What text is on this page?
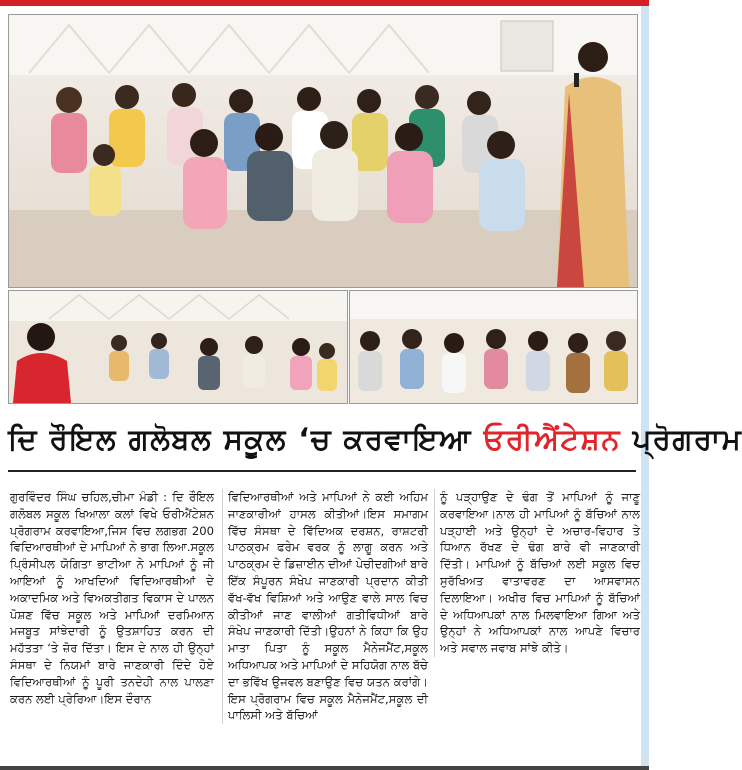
ਦਿ ਰੌਇਲ ਗਲੋਬਲ ਸਕੂਲ ‘ਚ ਕਰਵਾਇਆ ਓਰੀਐਂਟੇਸ਼ਨ ਪ੍ਰੋਗਰਾਮ
ਗੁਰਵਿੰਦਰ ਸਿੰਘ ਚਹਿਲ,ਚੀਮਾ ਮੰਡੀ : ਦਿ ਰੌਇਲ ਗਲੋਬਲ ਸਕੂਲ ਖਿਆਲਾ ਕਲਾਂ ਵਿਖੇ ਓਰੀਐਂਟੇਸ਼ਨ ਪ੍ਰੋਗਰਾਮ ਕਰਵਾਇਆ,ਜਿਸ ਵਿਚ ਲਗਭਗ 200 ਵਿਦਿਆਰਥੀਆਂ ਦੇ ਮਾਪਿਆਂ ਨੇ ਭਾਗ ਲਿਆ.ਸਕੂਲ ਪ੍ਰਿੰਸੀਪਲ ਯੋਗਿਤਾ ਭਾਟੀਆ ਨੇ ਮਾਪਿਆਂ ਨੂੰ ਜੀ ਆਇਆਂ ਨੂੰ ਆਖਦਿਆਂ ਵਿਦਿਆਰਥੀਆਂ ਦੇ ਅਕਾਦਮਿਕ ਅਤੇ ਵਿਅਕਤੀਗਤ ਵਿਕਾਸ ਦੇ ਪਾਲਨ ਪੋਸ਼ਣ ਵਿੱਚ ਸਕੂਲ ਅਤੇ ਮਾਪਿਆਂ ਦਰਮਿਆਨ ਮਜਬੂਤ ਸਾਂਝੇਦਾਰੀ ਨੂੰ ਉਤਸ਼ਾਹਿਤ ਕਰਨ ਦੀ ਮਹੱਤਤਾ ‘ਤੇ ਜ਼ੋਰ ਦਿੱਤਾ। ਇਸ ਦੇ ਨਾਲ ਹੀ ਉਨ੍ਹਾਂ ਸੰਸਥਾ ਦੇ ਨਿਯਮਾਂ ਬਾਰੇ ਜਾਣਕਾਰੀ ਦਿੰਦੇ ਹੋਏ ਵਿਦਿਆਰਥੀਆਂ ਨੂੰ ਪੂਰੀ ਤਨਦੇਹੀ ਨਾਲ ਪਾਲਣਾ ਕਰਨ ਲਈ ਪ੍ਰੇਰਿਆ।ਇਸ ਦੌਰਾਨ
ਵਿਦਿਆਰਥੀਆਂ ਅਤੇ ਮਾਪਿਆਂ ਨੇ ਕਈ ਅਹਿਮ ਜਾਣਕਾਰੀਆਂ ਹਾਸਲ ਕੀਤੀਆਂ।ਇਸ ਸਮਾਗਮ ਵਿੱਚ ਸੰਸਥਾ ਦੇ ਵਿੱਦਿਅਕ ਦਰਸ਼ਨ, ਰਾਸ਼ਟਰੀ ਪਾਠਕ੍ਰਮ ਫਰੇਮ ਵਰਕ ਨੂੰ ਲਾਗੂ ਕਰਨ ਅਤੇ ਪਾਠਕ੍ਰਮ ਦੇ ਡਿਜ਼ਾਈਨ ਦੀਆਂ ਪੇਚੀਦਗੀਆਂ ਬਾਰੇ ਇੱਕ ਸੰਪੂਰਨ ਸੰਖੇਪ ਜਾਣਕਾਰੀ ਪ੍ਰਦਾਨ ਕੀਤੀ ਵੱਖ-ਵੱਖ ਵਿਸ਼ਿਆਂ ਅਤੇ ਆਉਣ ਵਾਲੇ ਸਾਲ ਵਿਚ ਕੀਤੀਆਂ ਜਾਣ ਵਾਲੀਆਂ ਗਤੀਵਿਧੀਆਂ ਬਾਰੇ ਸੰਖੇਪ ਜਾਣਕਾਰੀ ਦਿੱਤੀ।ਉਹਨਾਂ ਨੇ ਕਿਹਾ ਕਿ ਉਹ ਮਾਤਾ ਪਿਤਾ ਨੂੰ ਸਕੂਲ ਮੈਨੇਜਮੈਂਟ,ਸਕੂਲ ਅਧਿਆਪਕ ਅਤੇ ਮਾਪਿਆਂ ਦੇ ਸਹਿਯੋਗ ਨਾਲ ਬੱਚੇ ਦਾ ਭਵਿੱਖ ਉਜਵਲ ਬਣਾਉਣ ਵਿਚ ਯਤਨ ਕਰਾਂਗੇ।ਇਸ ਪ੍ਰੋਗਰਾਮ ਵਿਚ ਸਕੂਲ ਮੈਨੇਜਮੈਂਟ,ਸਕੂਲ ਦੀ ਪਾਲਿਸੀ ਅਤੇ ਬੱਚਿਆਂ
ਨੂੰ ਪੜ੍ਹਾਉਣ ਦੇ ਢੰਗ ਤੋਂ ਮਾਪਿਆਂ ਨੂੰ ਜਾਣੂ ਕਰਵਾਇਆ।ਨਾਲ ਹੀ ਮਾਪਿਆਂ ਨੂੰ ਬੱਚਿਆਂ ਨਾਲ ਪੜ੍ਹਾਈ ਅਤੇ ਉਨ੍ਹਾਂ ਦੇ ਅਚਾਰ-ਵਿਹਾਰ ਤੇ ਧਿਆਨ ਰੱਖਣ ਦੇ ਢੰਗ ਬਾਰੇ ਵੀ ਜਾਣਕਾਰੀ ਦਿੱਤੀ। ਮਾਪਿਆਂ ਨੂੰ ਬੱਚਿਆਂ ਲਈ ਸਕੂਲ ਵਿਚ ਸੁਰੱਖਿਅਤ ਵਾਤਾਵਰਣ ਦਾ ਆਸਵਾਸਨ ਦਿਲਾਇਆ। ਅਖੀਰ ਵਿਚ ਮਾਪਿਆਂ ਨੂੰ ਬੱਚਿਆਂ ਦੇ ਅਧਿਆਪਕਾਂ ਨਾਲ ਮਿਲਵਾਇਆ ਗਿਆ ਅਤੇ ਉਨ੍ਹਾਂ ਨੇ ਅਧਿਆਪਕਾਂ ਨਾਲ ਆਪਣੇ ਵਿਚਾਰ ਅਤੇ ਸਵਾਲ ਜਵਾਬ ਸਾਂਝੇ ਕੀਤੇ।
